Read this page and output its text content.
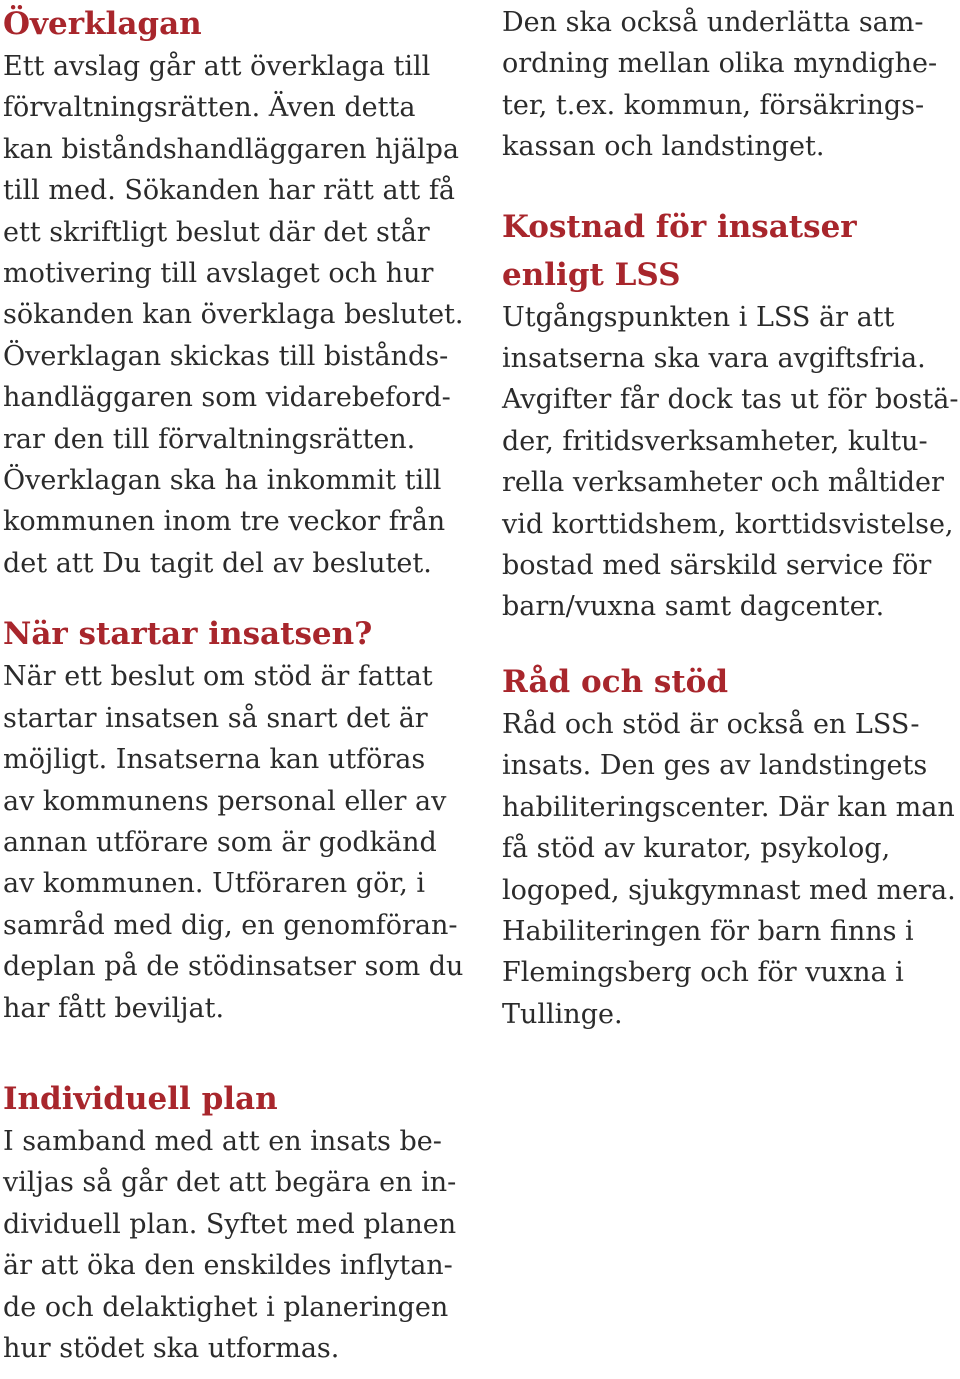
Överklagan
Ett avslag går att överklaga till
förvaltningsrätten. Även detta
kan biståndshandläggaren hjälpa
till med. Sökanden har rätt att få
ett skriftligt beslut där det står
motivering till avslaget och hur
sökanden kan överklaga beslutet.
Överklagan skickas till bistånds-
handläggaren som vidarebeford-
rar den till förvaltningsrätten.
Överklagan ska ha inkommit till
kommunen inom tre veckor från
det att Du tagit del av beslutet.
När startar insatsen?
När ett beslut om stöd är fattat
startar insatsen så snart det är
möjligt. Insatserna kan utföras
av kommunens personal eller av
annan utförare som är godkänd
av kommunen. Utföraren gör, i
samråd med dig, en genomföran-
deplan på de stödinsatser som du
har fått beviljat.
Individuell plan
I samband med att en insats be-
viljas så går det att begära en in-
dividuell plan. Syftet med planen
är att öka den enskildes inflytan-
de och delaktighet i planeringen
hur stödet ska utformas.
Den ska också underlätta sam-
ordning mellan olika myndighe-
ter, t.ex. kommun, försäkrings-
kassan och landstinget.
Kostnad för insatser
enligt LSS
Utgångspunkten i LSS är att
insatserna ska vara avgiftsfria.
Avgifter får dock tas ut för bostä-
der, fritidsverksamheter, kultu-
rella verksamheter och måltider
vid korttidshem, korttidsvistelse,
bostad med särskild service för
barn/vuxna samt dagcenter.
Råd och stöd
Råd och stöd är också en LSS-
insats. Den ges av landstingets
habiliteringscenter. Där kan man
få stöd av kurator, psykolog,
logoped, sjukgymnast med mera.
Habiliteringen för barn finns i
Flemingsberg och för vuxna i
Tullinge.
